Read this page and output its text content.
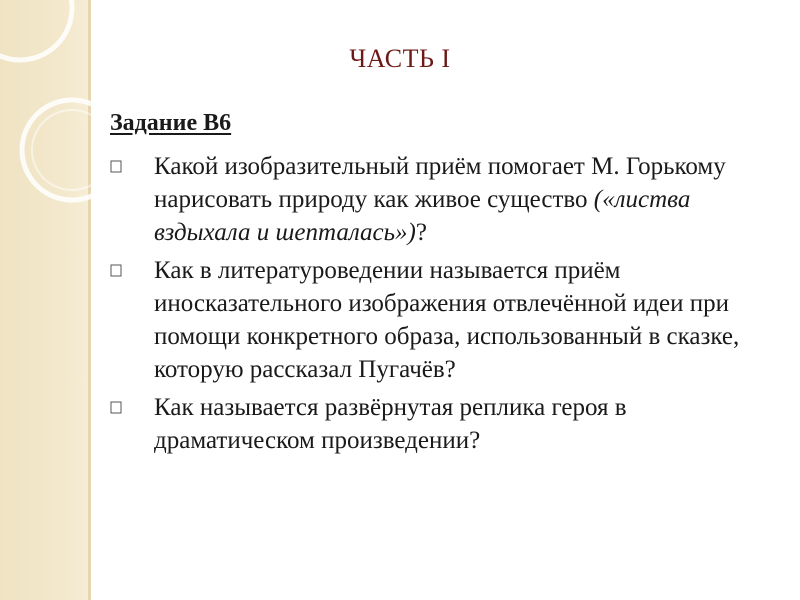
ЧАСТЬ I
Задание В6
Какой изобразительный приём помогает М. Горькому нарисовать природу как живое существо («листва вздыхала и шепталась»)?
Как в литературоведении называется приём иносказательного изображения отвлечённой идеи при помощи конкретного образа, использованный в сказке, которую рассказал Пугачёв?
Как называется развёрнутая реплика героя в драматическом произведении?
